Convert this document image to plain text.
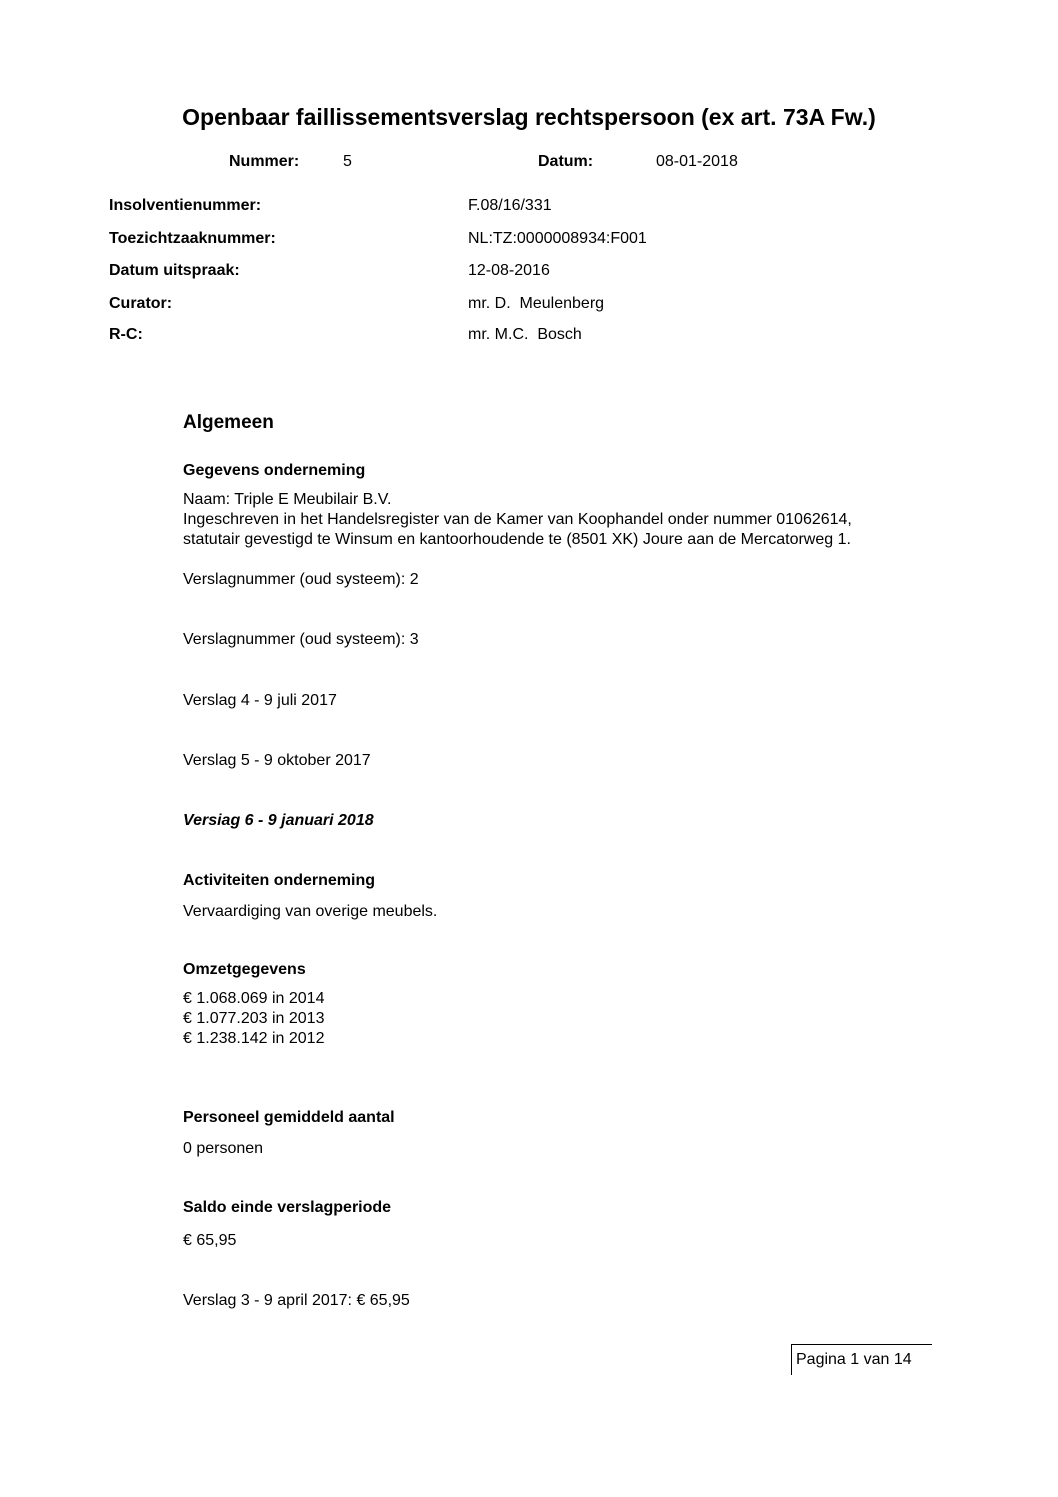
Openbaar faillissementsverslag rechtspersoon (ex art. 73A Fw.)
Nummer:	5	Datum:	08-01-2018
Insolventienummer:	F.08/16/331
Toezichtzaaknummer:	NL:TZ:0000008934:F001
Datum uitspraak:	12-08-2016
Curator:	mr. D.  Meulenberg
R-C:	mr. M.C.  Bosch
Algemeen
Gegevens onderneming
Naam: Triple E Meubilair B.V.
Ingeschreven in het Handelsregister van de Kamer van Koophandel onder nummer 01062614,
statutair gevestigd te Winsum en kantoorhoudende te (8501 XK) Joure aan de Mercatorweg 1.
Verslagnummer (oud systeem): 2
Verslagnummer (oud systeem): 3
Verslag 4 - 9 juli 2017
Verslag 5 - 9 oktober 2017
Versiag 6 - 9 januari 2018
Activiteiten onderneming
Vervaardiging van overige meubels.
Omzetgegevens
€ 1.068.069 in 2014
€ 1.077.203 in 2013
€ 1.238.142 in 2012
Personeel gemiddeld aantal
0 personen
Saldo einde verslagperiode
€ 65,95
Verslag 3 - 9 april 2017: € 65,95
Pagina 1 van 14
